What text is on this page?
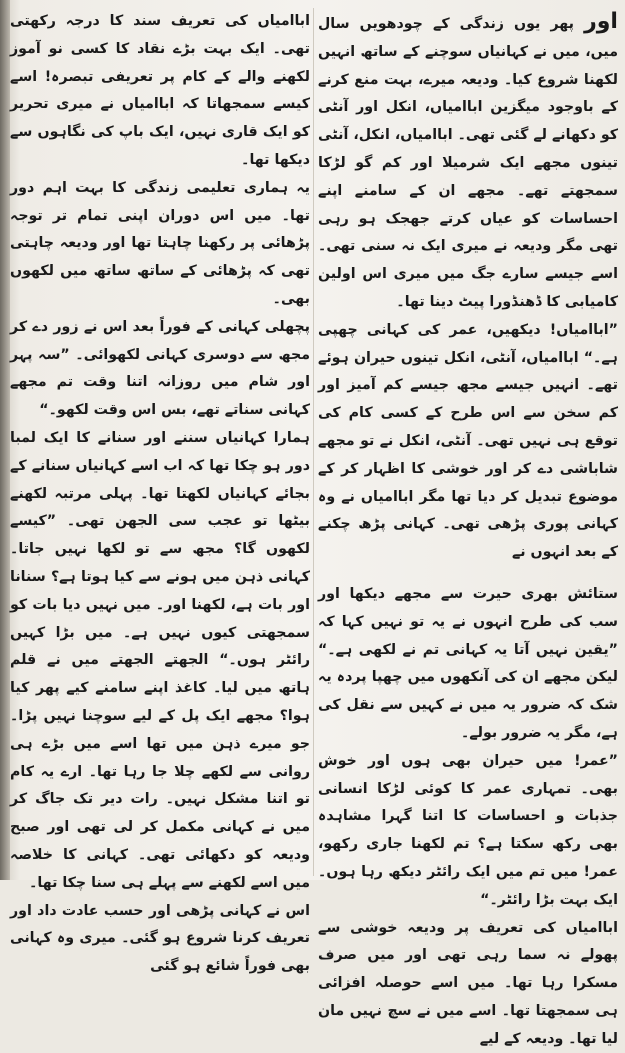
اور پھر یوں زندگی کے چودھویں سال میں، میں نے کہانیاں سوچنے کے ساتھ انہیں لکھنا شروع کیا۔ ودیعہ میرے، بہت منع کرنے کے باوجود میگزین اباامیاں، انکل اور آنٹی کو دکھانے لے گئی تھی۔ اباامیاں، انکل، آنٹی تینوں مجھے ایک شرمیلا اور کم گو لڑکا سمجھتے تھے۔ مجھے ان کے سامنے اپنے احساسات کو عیاں کرتے جھجک ہو رہی تھی مگر ودیعہ نے میری ایک نہ سنی تھی۔ اسے جیسے سارے جگ میں میری اس اولین کامیابی کا ڈھنڈورا پیٹ دینا تھا۔

”اباامیاں! دیکھیں، عمر کی کہانی چھپی ہے۔“ اباامیاں، آنٹی، انکل تینوں حیران ہوئے تھے۔ انہیں جیسے مجھ جیسے کم آمیز اور کم سخن سے اس طرح کے کسی کام کی توقع ہی نہیں تھی۔ آنٹی، انکل نے تو مجھے شاباشی دے کر اور خوشی کا اظہار کر کے موضوع تبدیل کر دیا تھا مگر اباامیاں نے وہ کہانی پوری پڑھی تھی۔ کہانی پڑھ چکنے کے بعد انہوں نے

ستائش بھری حیرت سے مجھے دیکھا اور سب کی طرح انہوں نے یہ تو نہیں کہا کہ ”یقین نہیں آتا یہ کہانی تم نے لکھی ہے۔“ لیکن مجھے ان کی آنکھوں میں چھپا پردہ یہ شک کہ ضرور یہ میں نے کہیں سے نقل کی ہے، مگر یہ ضرور بولے۔

”عمر! میں حیران بھی ہوں اور خوش بھی۔ تمہاری عمر کا کوئی لڑکا انسانی جذبات و احساسات کا اتنا گہرا مشاہدہ بھی رکھ سکتا ہے؟ تم لکھنا جاری رکھو، عمر! میں تم میں ایک رائٹر دیکھ رہا ہوں۔ ایک بہت بڑا رائٹر۔“

اباامیاں کی تعریف پر ودیعہ خوشی سے پھولے نہ سما رہی تھی اور میں صرف مسکرا رہا تھا۔ میں اسے حوصلہ افزائی ہی سمجھتا تھا۔ اسے میں نے سچ نہیں مان لیا تھا۔ ودیعہ کے لیے

اباامیاں کی تعریف سند کا درجہ رکھتی تھی۔ ایک بہت بڑے نقاد کا کسی نو آموز لکھنے والے کے کام پر تعریفی تبصرہ! اسے کیسے سمجھاتا کہ اباامیاں نے میری تحریر کو ایک قاری نہیں، ایک باپ کی نگاہوں سے دیکھا تھا۔

یہ ہماری تعلیمی زندگی کا بہت اہم دور تھا۔ میں اس دوران اپنی تمام تر توجہ پڑھائی پر رکھنا چاہتا تھا اور ودیعہ چاہتی تھی کہ پڑھائی کے ساتھ ساتھ میں لکھوں بھی۔

پچھلی کہانی کے فوراً بعد اس نے زور دے کر مجھ سے دوسری کہانی لکھوائی۔ ”سہ پہر اور شام میں روزانہ اتنا وقت تم مجھے کہانی سناتے تھے، بس اس وقت لکھو۔“

ہمارا کہانیاں سننے اور سنانے کا ایک لمبا دور ہو چکا تھا کہ اب اسے کہانیاں سنانے کے بجائے کہانیاں لکھتا تھا۔ پہلی مرتبہ لکھنے بیٹھا تو عجب سی الجھن تھی۔ ”کیسے لکھوں گا؟ مجھ سے تو لکھا نہیں جاتا۔ کہانی ذہن میں ہونے سے کیا ہوتا ہے؟ سنانا اور بات ہے، لکھنا اور۔ میں نہیں دیا بات کو سمجھتی کیوں نہیں ہے۔ میں بڑا کہیں رائٹر ہوں۔“ الجھتے الجھتے میں نے قلم ہاتھ میں لیا۔ کاغذ اپنے سامنے کیے پھر کیا ہوا؟ مجھے ایک پل کے لیے سوچنا نہیں پڑا۔ جو میرے ذہن میں تھا اسے میں بڑے ہی روانی سے لکھے چلا جا رہا تھا۔ ارے یہ کام تو اتنا مشکل نہیں۔ رات دیر تک جاگ کر میں نے کہانی مکمل کر لی تھی اور صبح ودیعہ کو دکھائی تھی۔ کہانی کا خلاصہ میں اسے لکھنے سے پہلے ہی سنا چکا تھا۔

اس نے کہانی پڑھی اور حسب عادت داد اور تعریف کرنا شروع ہو گئی۔ میری وہ کہانی بھی فوراً شائع ہو گئی
